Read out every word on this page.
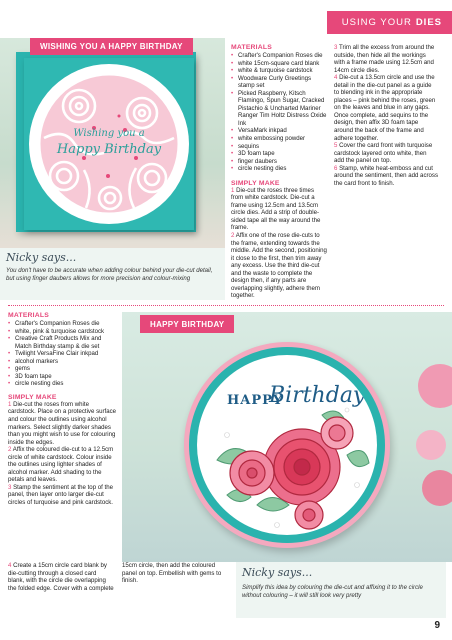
USING YOUR DIES
Wishing you a
Happy Birthday
WISHING YOU A HAPPY BIRTHDAY
Nicky says...
You don't have to be accurate when adding colour behind your die-cut detail, but using finger daubers allows for more precision and colour-mixing
MATERIALS
• Crafter's Companion Roses die
• white 15cm-square card blank
• white & turquoise cardstock
• Woodware Curly Greetings stamp set
• Picked Raspberry, Kitsch Flamingo, Spun Sugar, Cracked Pistachio & Uncharted Mariner Ranger Tim Holtz Distress Oxide Ink
• VersaMark inkpad
• white embossing powder
• sequins
• 3D foam tape
• finger daubers
• circle nesting dies
SIMPLY MAKE

1 Die-cut the roses three times from white cardstock. Die-cut a frame using 12.5cm and 13.5cm circle dies. Add a strip of double-sided tape all the way around the frame.

2 Affix one of the rose die-cuts to the frame, extending towards the middle. Add the second, positioning it close to the first, then trim away any excess. Use the third die-cut and the waste to complete the design then, if any parts are overlapping slightly, adhere them together.

3 Trim all the excess from around the outside, then hide all the workings with a frame made using 12.5cm and 14cm circle dies.

4 Die-cut a 13.5cm circle and use the detail in the die-cut panel as a guide to blending ink in the appropriate places – pink behind the roses, green on the leaves and blue in any gaps. Once complete, add sequins to the design, then affix 3D foam tape around the back of the frame and adhere together.

5 Cover the card front with turquoise cardstock layered onto white, then add the panel on top.

6 Stamp, white heat-emboss and cut around the sentiment, then add across the card front to finish.

MATERIALS
• Crafter's Companion Roses die
• white, pink & turquoise cardstock
• Creative Craft Products Mix and Match Birthday stamp & die set
• Twilight VersaFine Clair inkpad
• alcohol markers
• gems
• 3D foam tape
• circle nesting dies
SIMPLY MAKE

1 Die-cut the roses from white cardstock. Place on a protective surface and colour the outlines using alcohol markers. Select slightly darker shades than you might wish to use for colouring inside the edges.

2 Affix the coloured die-cut to a 12.5cm circle of white cardstock. Colour inside the outlines using lighter shades of alcohol marker. Add shading to the petals and leaves.

3 Stamp the sentiment at the top of the panel, then layer onto larger die-cut circles of turquoise and pink cardstock.

HAPPY
Birthday
HAPPY BIRTHDAY

4 Create a 15cm circle card blank by die-cutting through a closed card blank, with the circle die overlapping the folded edge. Cover with a complete 15cm circle, then add the coloured panel on top. Embellish with gems to finish.

Nicky says...
Simplify this idea by colouring the die-cut and affixing it to the circle without colouring – it will still look very pretty
9
